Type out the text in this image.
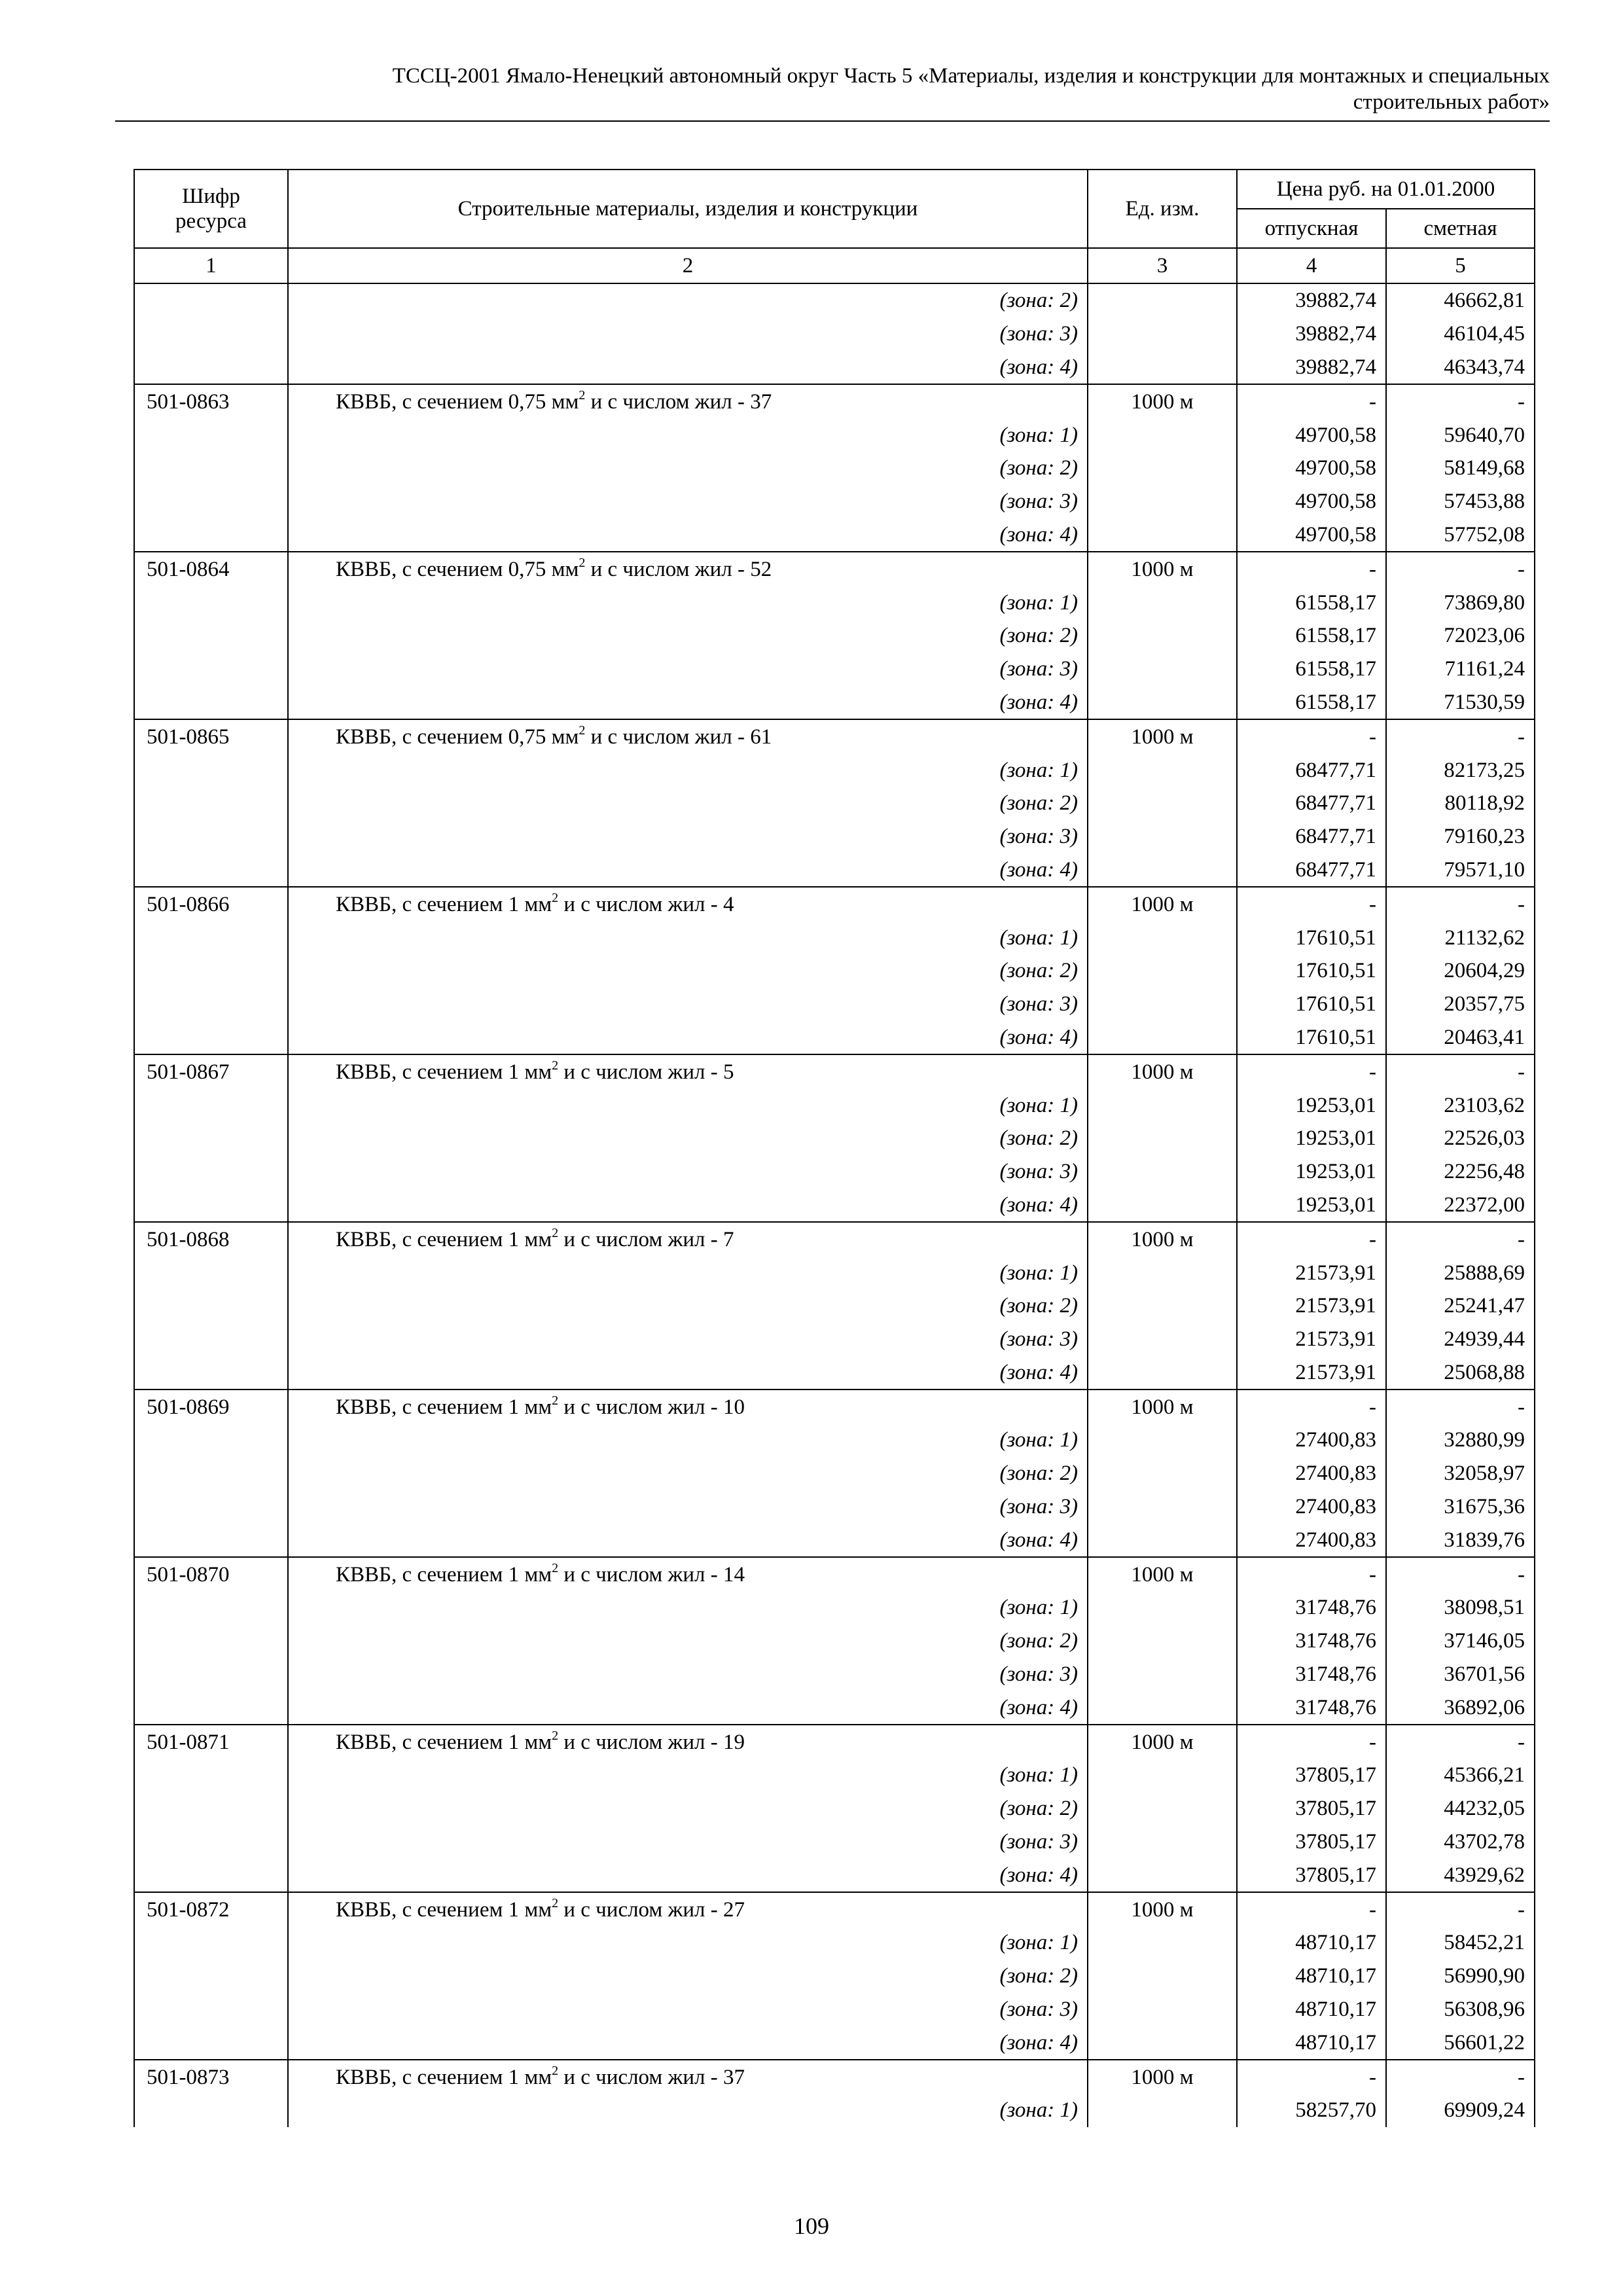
ТССЦ-2001 Ямало-Ненецкий автономный округ Часть 5 «Материалы, изделия и конструкции для монтажных и специальных
строительных работ»
Шифр ресурса	Строительные материалы, изделия и конструкции	Ед. изм.	Цена руб. на 01.01.2000	
			отпускная	сметная
1	2	3	4	5
	(зона: 2)		39882,74	46662,81
	(зона: 3)		39882,74	46104,45
	(зона: 4)		39882,74	46343,74
501-0863	КВВБ, с сечением 0,75 $мм^2$ и с числом жил - 37	1000 м	-	-
	(зона: 1)		49700,58	59640,70
	(зона: 2)		49700,58	58149,68
	(зона: 3)		49700,58	57453,88
	(зона: 4)		49700,58	57752,08
501-0864	КВВБ, с сечением 0,75 $мм^2$ и с числом жил - 52	1000 м	-	-
	(зона: 1)		61558,17	73869,80
	(зона: 2)		61558,17	72023,06
	(зона: 3)		61558,17	71161,24
	(зона: 4)		61558,17	71530,59
501-0865	КВВБ, с сечением 0,75 $мм^2$ и с числом жил - 61	1000 м	-	-
	(зона: 1)		68477,71	82173,25
	(зона: 2)		68477,71	80118,92
	(зона: 3)		68477,71	79160,23
	(зона: 4)		68477,71	79571,10
501-0866	КВВБ, с сечением 1 $мм^2$ и с числом жил - 4	1000 м	-	-
	(зона: 1)		17610,51	21132,62
	(зона: 2)		17610,51	20604,29
	(зона: 3)		17610,51	20357,75
	(зона: 4)		17610,51	20463,41
501-0867	КВВБ, с сечением 1 $мм^2$ и с числом жил - 5	1000 м	-	-
	(зона: 1)		19253,01	23103,62
	(зона: 2)		19253,01	22526,03
	(зона: 3)		19253,01	22256,48
	(зона: 4)		19253,01	22372,00
501-0868	КВВБ, с сечением 1 $мм^2$ и с числом жил - 7	1000 м	-	-
	(зона: 1)		21573,91	25888,69
	(зона: 2)		21573,91	25241,47
	(зона: 3)		21573,91	24939,44
	(зона: 4)		21573,91	25068,88
501-0869	КВВБ, с сечением 1 $мм^2$ и с числом жил - 10	1000 м	-	-
	(зона: 1)		27400,83	32880,99
	(зона: 2)		27400,83	32058,97
	(зона: 3)		27400,83	31675,36
	(зона: 4)		27400,83	31839,76
501-0870	КВВБ, с сечением 1 $мм^2$ и с числом жил - 14	1000 м	-	-
	(зона: 1)		31748,76	38098,51
	(зона: 2)		31748,76	37146,05
	(зона: 3)		31748,76	36701,56
	(зона: 4)		31748,76	36892,06
501-0871	КВВБ, с сечением 1 $мм^2$ и с числом жил - 19	1000 м	-	-
	(зона: 1)		37805,17	45366,21
	(зона: 2)		37805,17	44232,05
	(зона: 3)		37805,17	43702,78
	(зона: 4)		37805,17	43929,62
501-0872	КВВБ, с сечением 1 $мм^2$ и с числом жил - 27	1000 м	-	-
	(зона: 1)		48710,17	58452,21
	(зона: 2)		48710,17	56990,90
	(зона: 3)		48710,17	56308,96
	(зона: 4)		48710,17	56601,22
501-0873	КВВБ, с сечением 1 $мм^2$ и с числом жил - 37	1000 м	-	-
	(зона: 1)		58257,70	69909,24
109
